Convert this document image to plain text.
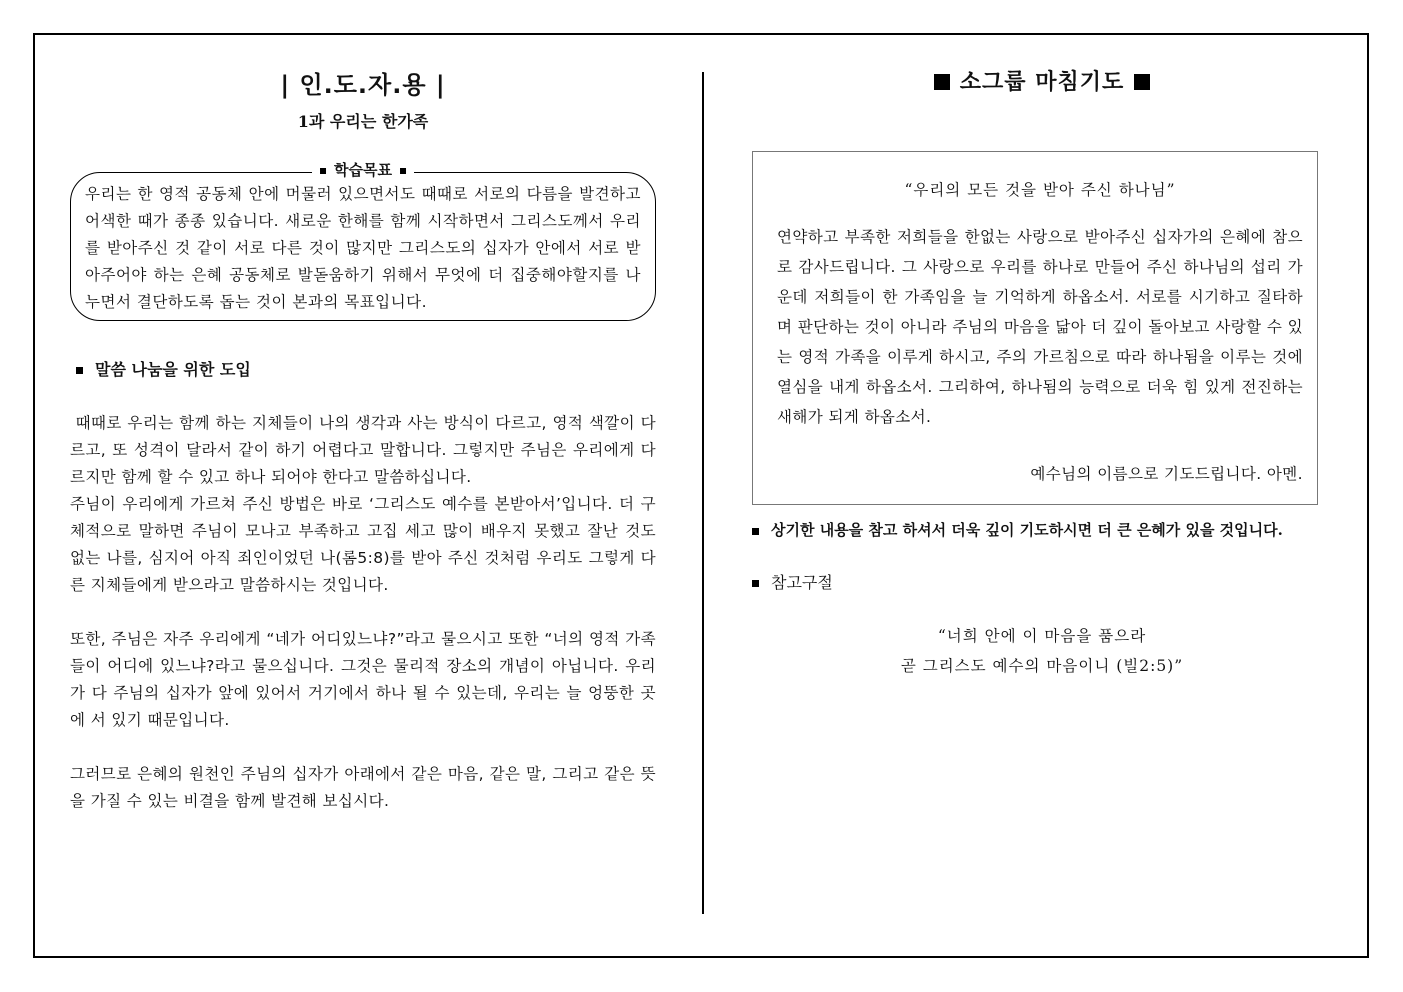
| 인.도.자.용 |
1과 우리는 한가족
학습목표

우리는 한 영적 공동체 안에 머물러 있으면서도 때때로 서로의 다름을 발견하고 어색한 때가 종종 있습니다. 새로운 한해를 함께 시작하면서 그리스도께서 우리를 받아주신 것 같이 서로 다른 것이 많지만 그리스도의 십자가 안에서 서로 받아주어야 하는 은혜 공동체로 발돋움하기 위해서 무엇에 더 집중해야할지를 나누면서 결단하도록 돕는 것이 본과의 목표입니다.

말씀 나눔을 위한 도입

때때로 우리는 함께 하는 지체들이 나의 생각과 사는 방식이 다르고, 영적 색깔이 다르고, 또 성격이 달라서 같이 하기 어렵다고 말합니다. 그렇지만 주님은 우리에게 다르지만 함께 할 수 있고 하나 되어야 한다고 말씀하십니다.

주님이 우리에게 가르쳐 주신 방법은 바로 ‘그리스도 예수를 본받아서’입니다. 더 구체적으로 말하면 주님이 모나고 부족하고 고집 세고 많이 배우지 못했고 잘난 것도 없는 나를, 심지어 아직 죄인이었던 나(롬5:8)를 받아 주신 것처럼 우리도 그렇게 다른 지체들에게 받으라고 말씀하시는 것입니다.

또한, 주님은 자주 우리에게 “네가 어디있느냐?”라고 물으시고 또한 “너의 영적 가족들이 어디에 있느냐?라고 물으십니다. 그것은 물리적 장소의 개념이 아닙니다. 우리가 다 주님의 십자가 앞에 있어서 거기에서 하나 될 수 있는데, 우리는 늘 엉뚱한 곳에 서 있기 때문입니다.

그러므로 은혜의 원천인 주님의 십자가 아래에서 같은 마음, 같은 말, 그리고 같은 뜻을 가질 수 있는 비결을 함께 발견해 보십시다.

소그룹 마침기도
“우리의 모든 것을 받아 주신 하나님”

연약하고 부족한 저희들을 한없는 사랑으로 받아주신 십자가의 은혜에 참으로 감사드립니다. 그 사랑으로 우리를 하나로 만들어 주신 하나님의 섭리 가운데 저희들이 한 가족임을 늘 기억하게 하옵소서. 서로를 시기하고 질타하며 판단하는 것이 아니라 주님의 마음을 닮아 더 깊이 돌아보고 사랑할 수 있는 영적 가족을 이루게 하시고, 주의 가르침으로 따라 하나됨을 이루는 것에 열심을 내게 하옵소서. 그리하여, 하나됨의 능력으로 더욱 힘 있게 전진하는 새해가 되게 하옵소서.

예수님의 이름으로 기도드립니다. 아멘.
상기한 내용을 참고 하셔서 더욱 깊이 기도하시면 더 큰 은혜가 있을 것입니다.
참고구절
“너희 안에 이 마음을 품으라
곧 그리스도 예수의 마음이니 (빌2:5)”
